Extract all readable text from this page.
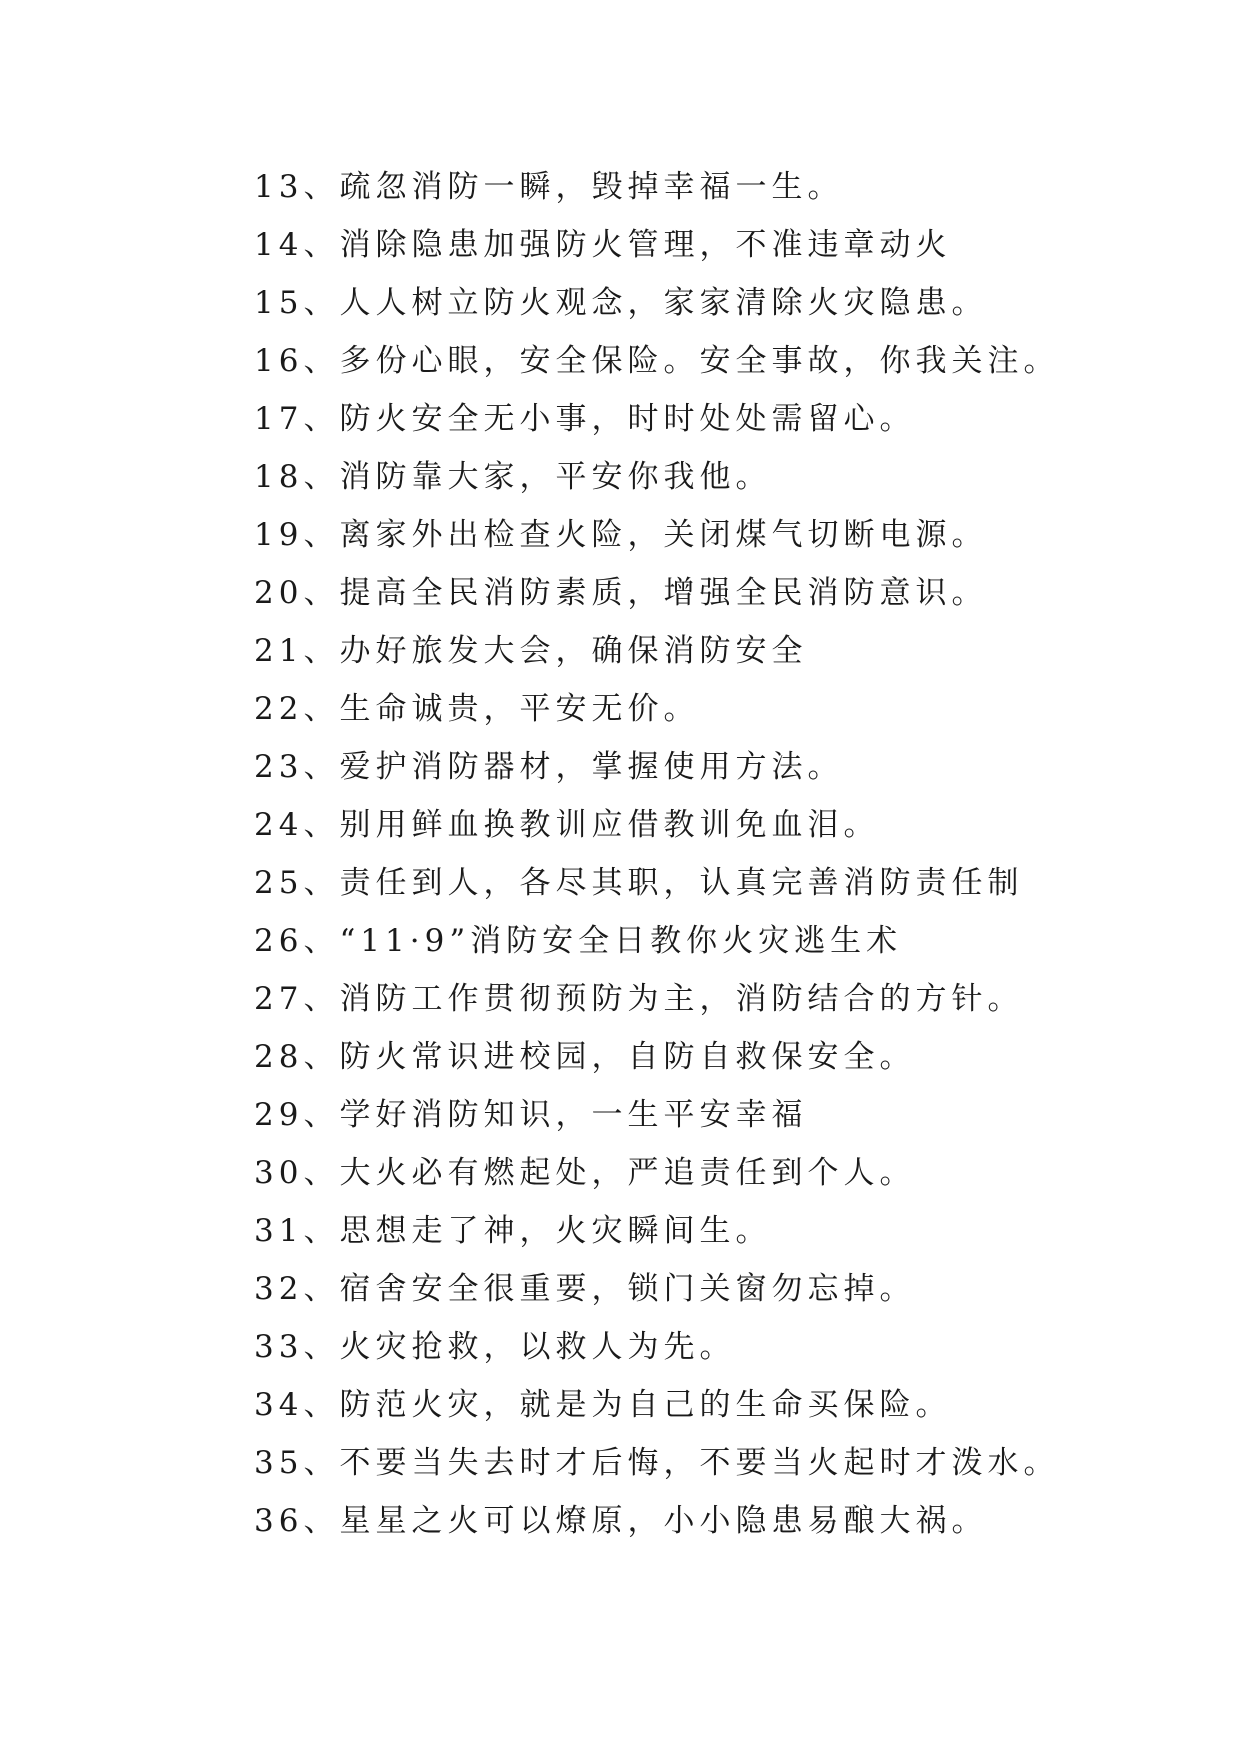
13、疏忽消防一瞬，毁掉幸福一生。

14、消除隐患加强防火管理，不准违章动火

15、人人树立防火观念，家家清除火灾隐患。

16、多份心眼，安全保险。安全事故，你我关注。

17、防火安全无小事，时时处处需留心。

18、消防靠大家，平安你我他。

19、离家外出检查火险，关闭煤气切断电源。

20、提高全民消防素质，增强全民消防意识。

21、办好旅发大会，确保消防安全

22、生命诚贵，平安无价。

23、爱护消防器材，掌握使用方法。

24、别用鲜血换教训应借教训免血泪。

25、责任到人，各尽其职，认真完善消防责任制

26、“11·9”消防安全日教你火灾逃生术

27、消防工作贯彻预防为主，消防结合的方针。

28、防火常识进校园，自防自救保安全。

29、学好消防知识，一生平安幸福

30、大火必有燃起处，严追责任到个人。

31、思想走了神，火灾瞬间生。

32、宿舍安全很重要，锁门关窗勿忘掉。

33、火灾抢救，以救人为先。

34、防范火灾，就是为自己的生命买保险。

35、不要当失去时才后悔，不要当火起时才泼水。

36、星星之火可以燎原，小小隐患易酿大祸。
